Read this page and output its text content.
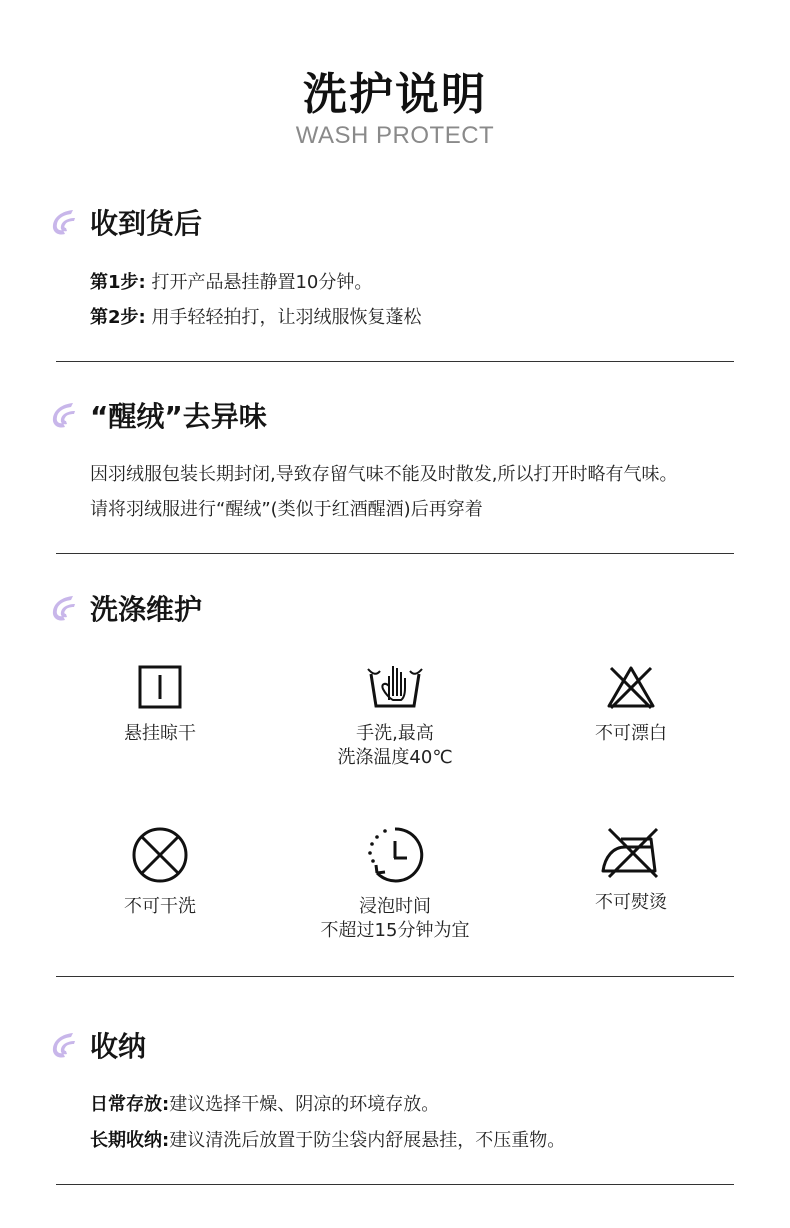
洗护说明
WASH PROTECT
收到货后
第1步: 打开产品悬挂静置10分钟。
第2步: 用手轻轻拍打，让羽绒服恢复蓬松
“醒绒”去异味
因羽绒服包装长期封闭,导致存留气味不能及时散发,所以打开时略有气味。
请将羽绒服进行“醒绒”(类似于红酒醒酒)后再穿着
洗涤维护
悬挂晾干	手洗,最高
洗涤温度40℃
不可漂白
不可干洗	浸泡时间
不超过15分钟为宜
不可熨烫
收纳
日常存放:建议选择干燥、阴凉的环境存放。
长期收纳:建议清洗后放置于防尘袋内舒展悬挂，不压重物。
